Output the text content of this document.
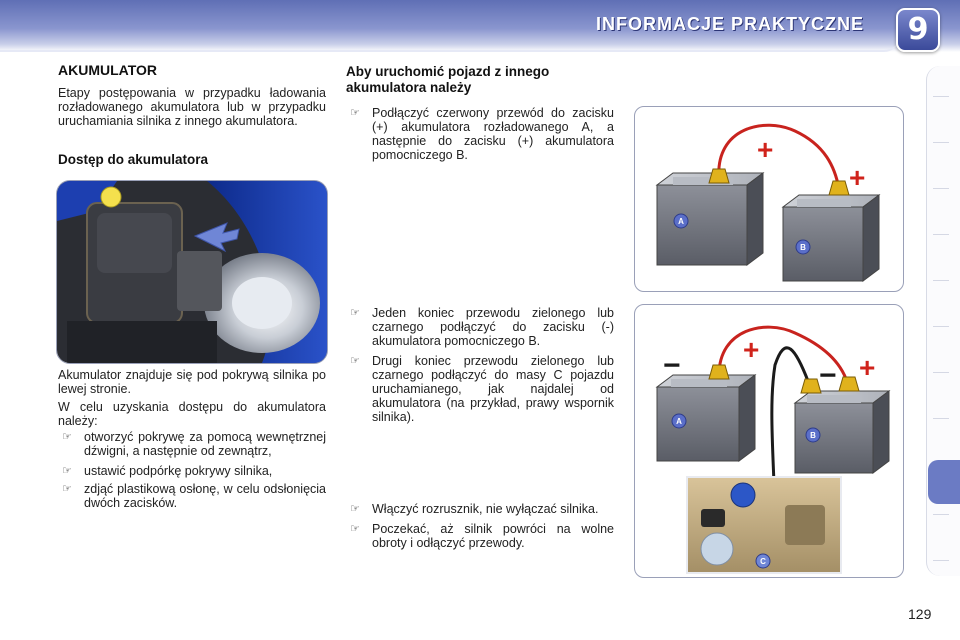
INFORMACJE PRAKTYCZNE	9
AKUMULATOR
Etapy postępowania w przypadku ładowania rozładowanego akumulatora lub w przypadku uruchamiania silnika z innego akumulatora.
Dostęp do akumulatora
Akumulator znajduje się pod pokrywą silnika po lewej stronie.
W celu uzyskania dostępu do akumulatora należy:
☞ otworzyć pokrywę za pomocą wewnętrznej dźwigni, a następnie od zewnątrz,
☞ ustawić podpórkę pokrywy silnika,
☞ zdjąć plastikową osłonę, w celu odsłonięcia dwóch zacisków.
Aby uruchomić pojazd z innego akumulatora należy
☞ Podłączyć czerwony przewód do zacisku (+) akumulatora rozładowanego A, a następnie do zacisku (+) akumulatora pomocniczego B.
☞ Jeden koniec przewodu zielonego lub czarnego podłączyć do zacisku (-) akumulatora pomocniczego B.
☞ Drugi koniec przewodu zielonego lub czarnego podłączyć do masy C pojazdu uruchamianego, jak najdalej od akumulatora (na przykład, prawy wspornik silnika).
☞ Włączyć rozrusznik, nie wyłączać silnika.
☞ Poczekać, aż silnik powróci na wolne obroty i odłączyć przewody.
A
B
+
+
A
B
+
+
−	−
C
129
